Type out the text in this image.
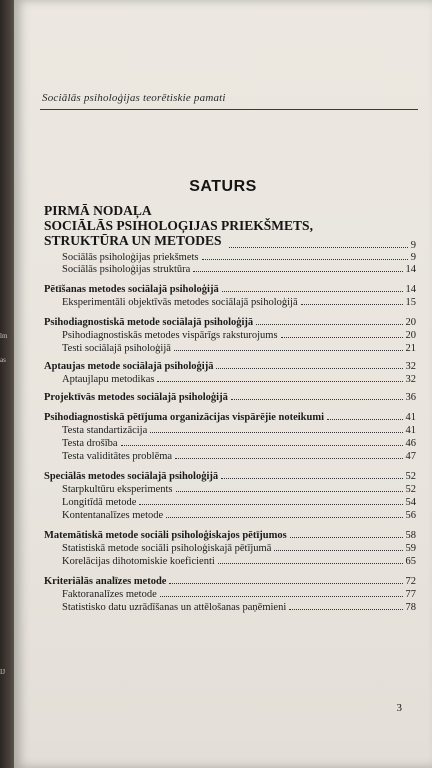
lm
as
IJ
Sociālās psiholoģijas teorētiskie pamati
SATURS
PIRMĀ NODAĻA
SOCIĀLĀS PSIHOLOĢIJAS PRIEKŠMETS,
STRUKTŪRA UN METODES	9
Sociālās psiholoģijas priekšmets	9
Sociālās psiholoģijas struktūra	14
Pētīšanas metodes sociālajā psiholoģijā	14
Eksperimentāli objektīvās metodes sociālajā psiholoģijā	15
Psihodiagnostiskā metode sociālajā psiholoģijā	20
Psihodiagnostiskās metodes vispārīgs raksturojums	20
Testi sociālajā psiholoģijā	21
Aptaujas metode sociālajā psiholoģijā	32
Aptaujlapu metodikas	32
Projektīvās metodes sociālajā psiholoģijā	36
Psihodiagnostiskā pētījuma organizācijas vispārējie noteikumi	41
Testa standartizācija	41
Testa drošība	46
Testa validitātes problēma	47
Speciālās metodes sociālajā psiholoģijā	52
Starpkultūru eksperiments	52
Longitīdā metode	54
Kontentanalīzes metode	56
Matemātiskā metode sociāli psiholoģiskajos pētījumos	58
Statistiskā metode sociāli psiholoģiskajā pētījumā	59
Korelācijas dihotomiskie koeficienti	65
Kriteriālās analīzes metode	72
Faktoranalīzes metode	77
Statistisko datu uzrādīšanas un attēlošanas paņēmieni	78
3
